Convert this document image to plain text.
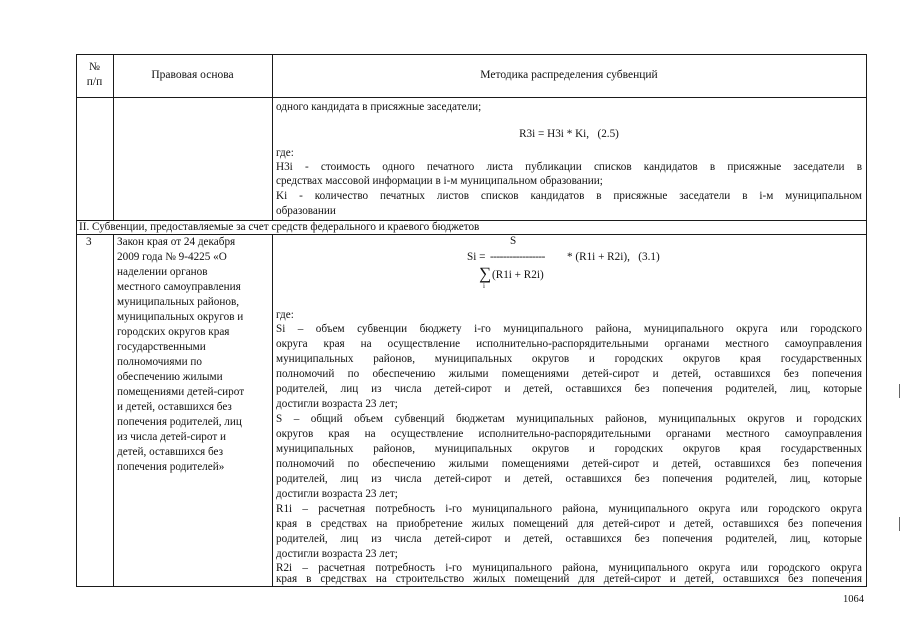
№
п/п
Правовая основа	Методика распределения субвенций
одного кандидата в присяжные заседатели;
R3i = Н3i * Ki,   (2.5)
где:
Н3i - стоимость одного печатного листа публикации списков кандидатов в присяжные заседатели в
средствах массовой информации в i-м муниципальном образовании;
Ki - количество печатных листов списков кандидатов в присяжные заседатели в i-м муниципальном
образовании
II. Субвенции, предоставляемые за счет средств федерального и краевого бюджетов
3 Закон края от 24 декабря
2009 года № 9-4225 «О
наделении органов
местного самоуправления
муниципальных районов,
муниципальных округов и
городских округов края
государственными
полномочиями по
обеспечению жилыми
помещениями детей-сирот
и детей, оставшихся без
попечения родителей, лиц
из числа детей-сирот и
детей, оставшихся без
попечения родителей»
S
Si = ----------------- * (R1i + R2i),   (3.1)
∑
i
(R1i + R2i)
где:
Si – объем субвенции бюджету i-го муниципального района, муниципального округа или городского
округа края на осуществление исполнительно-распорядительными органами местного самоуправления
муниципальных районов, муниципальных округов и городских округов края государственных
полномочий по обеспечению жилыми помещениями детей-сирот и детей, оставшихся без попечения
родителей, лиц из числа детей-сирот и детей, оставшихся без попечения родителей, лиц, которые
достигли возраста 23 лет;
S – общий объем субвенций бюджетам муниципальных районов, муниципальных округов и городских
округов края на осуществление исполнительно-распорядительными органами местного самоуправления
муниципальных районов, муниципальных округов и городских округов края государственных
полномочий по обеспечению жилыми помещениями детей-сирот и детей, оставшихся без попечения
родителей, лиц из числа детей-сирот и детей, оставшихся без попечения родителей, лиц, которые
достигли возраста 23 лет;
R1i – расчетная потребность i-го муниципального района, муниципального округа или городского округа
края в средствах на приобретение жилых помещений для детей-сирот и детей, оставшихся без попечения
родителей, лиц из числа детей-сирот и детей, оставшихся без попечения родителей, лиц, которые
достигли возраста 23 лет;
R2i – расчетная потребность i-го муниципального района, муниципального округа или городского округа
края в средствах на строительство жилых помещений для детей-сирот и детей, оставшихся без попечения
1064
